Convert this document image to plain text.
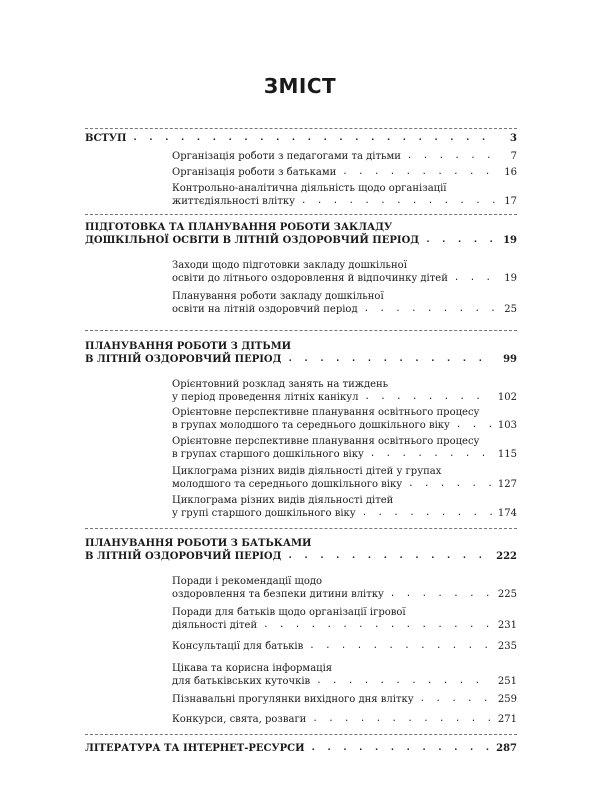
ЗМІСТ
ВСТУП . . .	3
Організація роботи з педагогами та дітьми . . .	7
Організація роботи з батьками . . .	16
Контрольно-аналітична діяльність щодо організації
життєдіяльності влітку . . .	17
ПІДГОТОВКА ТА ПЛАНУВАННЯ РОБОТИ ЗАКЛАДУ
ДОШКІЛЬНОЇ ОСВІТИ В ЛІТНІЙ ОЗДОРОВЧИЙ ПЕРІОД . . .	19
Заходи щодо підготовки закладу дошкільної
освіти до літнього оздоровлення й відпочинку дітей . . .	19
Планування роботи закладу дошкільної
освіти на літній оздоровчий період . . .	25
ПЛАНУВАННЯ РОБОТИ З ДІТЬМИ
В ЛІТНІЙ ОЗДОРОВЧИЙ ПЕРІОД . . .	99
Орієнтовний розклад занять на тиждень
у період проведення літніх канікул . . .	102
Орієнтовне перспективне планування освітнього процесу
в групах молодшого та середнього дошкільного віку . . .	103
Орієнтовне перспективне планування освітнього процесу
в групах старшого дошкільного віку . . .	115
Циклограма різних видів діяльності дітей у групах
молодшого та середнього дошкільного віку . . .	127
Циклограма різних видів діяльності дітей
у групі старшого дошкільного віку . . .	174
ПЛАНУВАННЯ РОБОТИ З БАТЬКАМИ
В ЛІТНІЙ ОЗДОРОВЧИЙ ПЕРІОД . . .	222
Поради і рекомендації щодо
оздоровлення та безпеки дитини влітку . . .	225
Поради для батьків щодо організації ігрової
діяльності дітей . . .	231
Консультації для батьків . . .	235
Цікава та корисна інформація
для батьківських куточків . . .	251
Пізнавальні прогулянки вихідного дня влітку . . .	259
Конкурси, свята, розваги . . .	271
ЛІТЕРАТУРА ТА ІНТЕРНЕТ-РЕСУРСИ . . .	287
